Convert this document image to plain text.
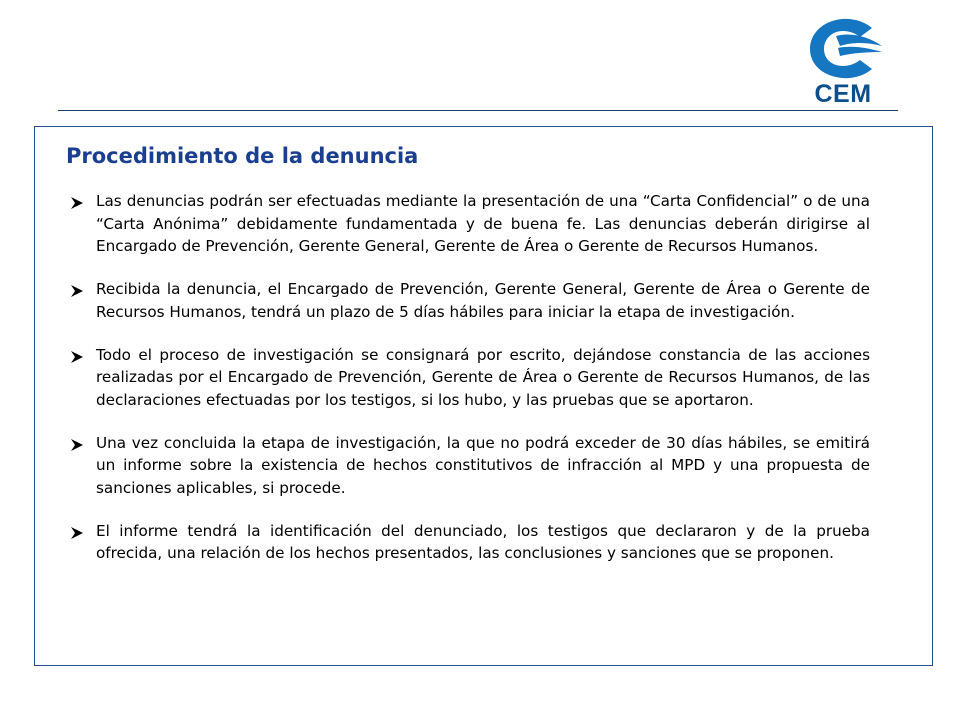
CEM
Procedimiento de la denuncia
Las denuncias podrán ser efectuadas mediante la presentación de una “Carta Confidencial” o de una “Carta Anónima” debidamente fundamentada y de buena fe. Las denuncias deberán dirigirse al Encargado de Prevención, Gerente General, Gerente de Área o Gerente de Recursos Humanos.
Recibida la denuncia, el Encargado de Prevención, Gerente General, Gerente de Área o Gerente de Recursos Humanos, tendrá un plazo de 5 días hábiles para iniciar la etapa de investigación.
Todo el proceso de investigación se consignará por escrito, dejándose constancia de las acciones realizadas por el Encargado de Prevención, Gerente de Área o Gerente de Recursos Humanos, de las declaraciones efectuadas por los testigos, si los hubo, y las pruebas que se aportaron.
Una vez concluida la etapa de investigación, la que no podrá exceder de 30 días hábiles, se emitirá un informe sobre la existencia de hechos constitutivos de infracción al MPD y una propuesta de sanciones aplicables, si procede.
El informe tendrá la identificación del denunciado, los testigos que declararon y de la prueba ofrecida, una relación de los hechos presentados, las conclusiones y sanciones que se proponen.
